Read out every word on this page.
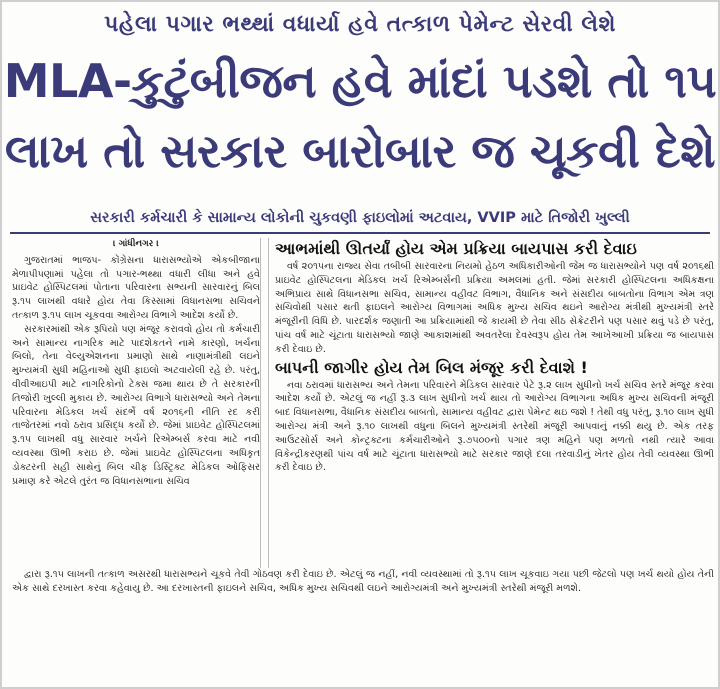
પહેલા પગાર ભથ્થાં વધાર્યા હવે તત્કાળ પેમેન્ટ સેરવી લેશે
MLA-કુટુંબીજન હવે માંદાં પડશે તો ૧૫
લાખ તો સરકાર બારોબાર જ ચૂકવી દેશે
સરકારી કર્મચારી કે સામાન્ય લોકોની ચુકવણી ફાઇલોમાં અટવાય, VVIP માટે તિજોરી ખુલ્લી

। ગાંધીનગર ।

ગુજરાતમાં ભાજપ- કોંગ્રેસના ધારાસભ્યોએ એકબીજાના મેળાપીપણામાં પહેલા તો પગાર-ભથ્થા વધારી લીધા અને હવે પ્રાઇવેટ હોસ્પિટલમાં પોતાના પરિવારના સભ્યની સારવારનું બિલ રૂ.૧૫ લાખથી વધારે હોય તેવા કિસ્સામાં વિધાનસભા સચિવને તત્કાળ રૂ.૧૫ લાખ ચૂકવવા આરોગ્ય વિભાગે આદેશ કર્યો છે.

સરકારમાંથી એક રૂપિયો પણ મંજૂર કરાવવો હોય તો કર્મચારી અને સામાન્ય નાગરિક માટે પાદશેકતને નામે કારણો, ખર્ચના બિલો, તેના વેલ્યુએશનના પ્રમાણો સાથે નાણામંત્રીથી લઇને મુખ્યમંત્રી સુધી મહિનાઓ સુધી ફાઇલો અટવાયેલી રહે છે. પરંતુ, વીવીઆઇપી માટે નાગરિકોનો ટેક્સ જમા થાય છે તે સરકારની તિજોરી ખુલ્લી મુકાય છે. આરોગ્ય વિભાગે ધારાસભ્યો અને તેમના પરિવારના મેડિકલ ખર્ચ સંદર્ભે વર્ષ ૨૦૧૬ની નીતિ રદ કરી તાજેતરમાં નવો ઠરાવ પ્રસિદ્ધ કર્યો છે. જેમાં પ્રાઇવેટ હોસ્પિટલમાં રૂ.૧૫ લાખથી વધુ સારવાર ખર્ચને રિએમ્બર્સ કરવા માટે નવી વ્યવસ્થા ઊભી કરાઇ છે. જેમાં પ્રાઇવેટ હોસ્પિટલના અધિકૃત ડોક્ટરની સહી સાથેનું બિલ ચીફ ડિસ્ટ્રિક્ટ મેડિકલ ઓફિસર પ્રમાણ કરે એટલે તુરંત જ વિધાનસભાના સચિવ

આભમાંથી ઊતર્યાં હોય એમ પ્રક્રિયા બાયપાસ કરી દેવાઇ

વર્ષ ૨૦૧૫ના રાજ્ય સેવા તબીબી સારવારના નિયમો હેઠળ અધિકારીઓની જેમ જ ધારાસભ્યોને પણ વર્ષ ૨૦૧૬થી પ્રાઇવેટ હોસ્પિટલના મેડિકલ ખર્ચ રિએમ્બર્સની પ્રક્રિયા અમલમાં હતી. જેમાં સરકારી હોસ્પિટલના અધિકક્ષના અભિપ્રાય સાથે વિધાનસભા સચિવ, સામાન્ય વહીવટ વિભાગ, વૈધાનિક અને સંસદીય બાબતોના વિભાગ એમ ત્રણ સચિવોથી પસાર થતી ફાઇલને આરોગ્ય વિભાગમાં અધિક મુખ્ય સચિવ થઇને આરોગ્ય મંત્રીથી મુખ્યમંત્રી સ્તરે મંજૂરીની વિધિ છે. પારદર્શક જણાતી આ પ્રક્રિયામાંથી જે કાયમી છે તેવા સીઠ સેક્રેટરીને પણ પસાર થવું પડે છે પરંતુ, પાંચ વર્ષ માટે ચૂંટાતા ધારાસભ્યો જાણે આકાશમાંથી અવતરેલા દેવસ્વરૂપ હોય તેમ આખેઆખી પ્રક્રિયા જ બાયપાસ કરી દેવાઇ છે.

બાપની જાગીર હોય તેમ બિલ મંજૂર કરી દેવાશે !

નવા ઠરાવમાં ધારાસભ્ય અને તેમના પરિવારને મેડિકલ સારવાર પેટે રૂ.૨ લાખ સુધીનો ખર્ચ સચિવ સ્તરે મંજૂર કરવા આદેશ કર્યો છે. એટલું જ નહીં રૂ.૩ લાખ સુધીનો ખર્ચ થાય તો આરોગ્ય વિભાગના અધિક મુખ્ય સચિવની મંજૂરી બાદ વિધાનસભા, વૈધાનિક સંસદીય બાબતો, સામાન્ય વહીવટ દ્વારા પેમેન્ટ થઇ જશે ! તેથી વધુ પરંતુ, રૂ.૧૦ લાખ સુધી આરોગ્ય મંત્રી અને રૂ.૧૦ લાખથી વધુના બિલને મુખ્યમંત્રી સ્તરેથી મંજૂરી આપવાનું નક્કી થયુ છે. એક તરફ આઉટસોર્સ અને કોન્ટ્રક્ટના કર્મચારીઓને રૂ.૭૫૦૦નો પગાર ત્રણ મહિને પણ મળતો નથી ત્યારે આવા વિકેન્દ્રીકરણથી પાંચ વર્ષ માટે ચૂંટાતા ધારાસભ્યો માટે સરકાર જાણે દલા તરવાડીનું ખેતર હોય તેવી વ્યવસ્થા ઊભી કરી દેવાઇ છે.

દ્વારા રૂ.૧૫ લાખની તત્કાળ અસરથી ધારાસભ્યને ચૂકવે તેવી ગોઠવણ કરી દેવાઇ છે. એટલું જ નહીં, નવી વ્યવસ્થામાં તો રૂ.૧૫ લાખ ચૂકવાઇ ગયા પછી જેટલો પણ ખર્ચ થયો હોય તેની એક સાથે દરખાસ્ત કરવા કહેવાયુ છે. આ દરખાસ્તની ફાઇલને સચિવ, અધિક મુખ્ય સચિવથી લઇને આરોગ્યમંત્રી અને મુખ્યમંત્રી સ્તરેથી મંજૂરી મળશે.
